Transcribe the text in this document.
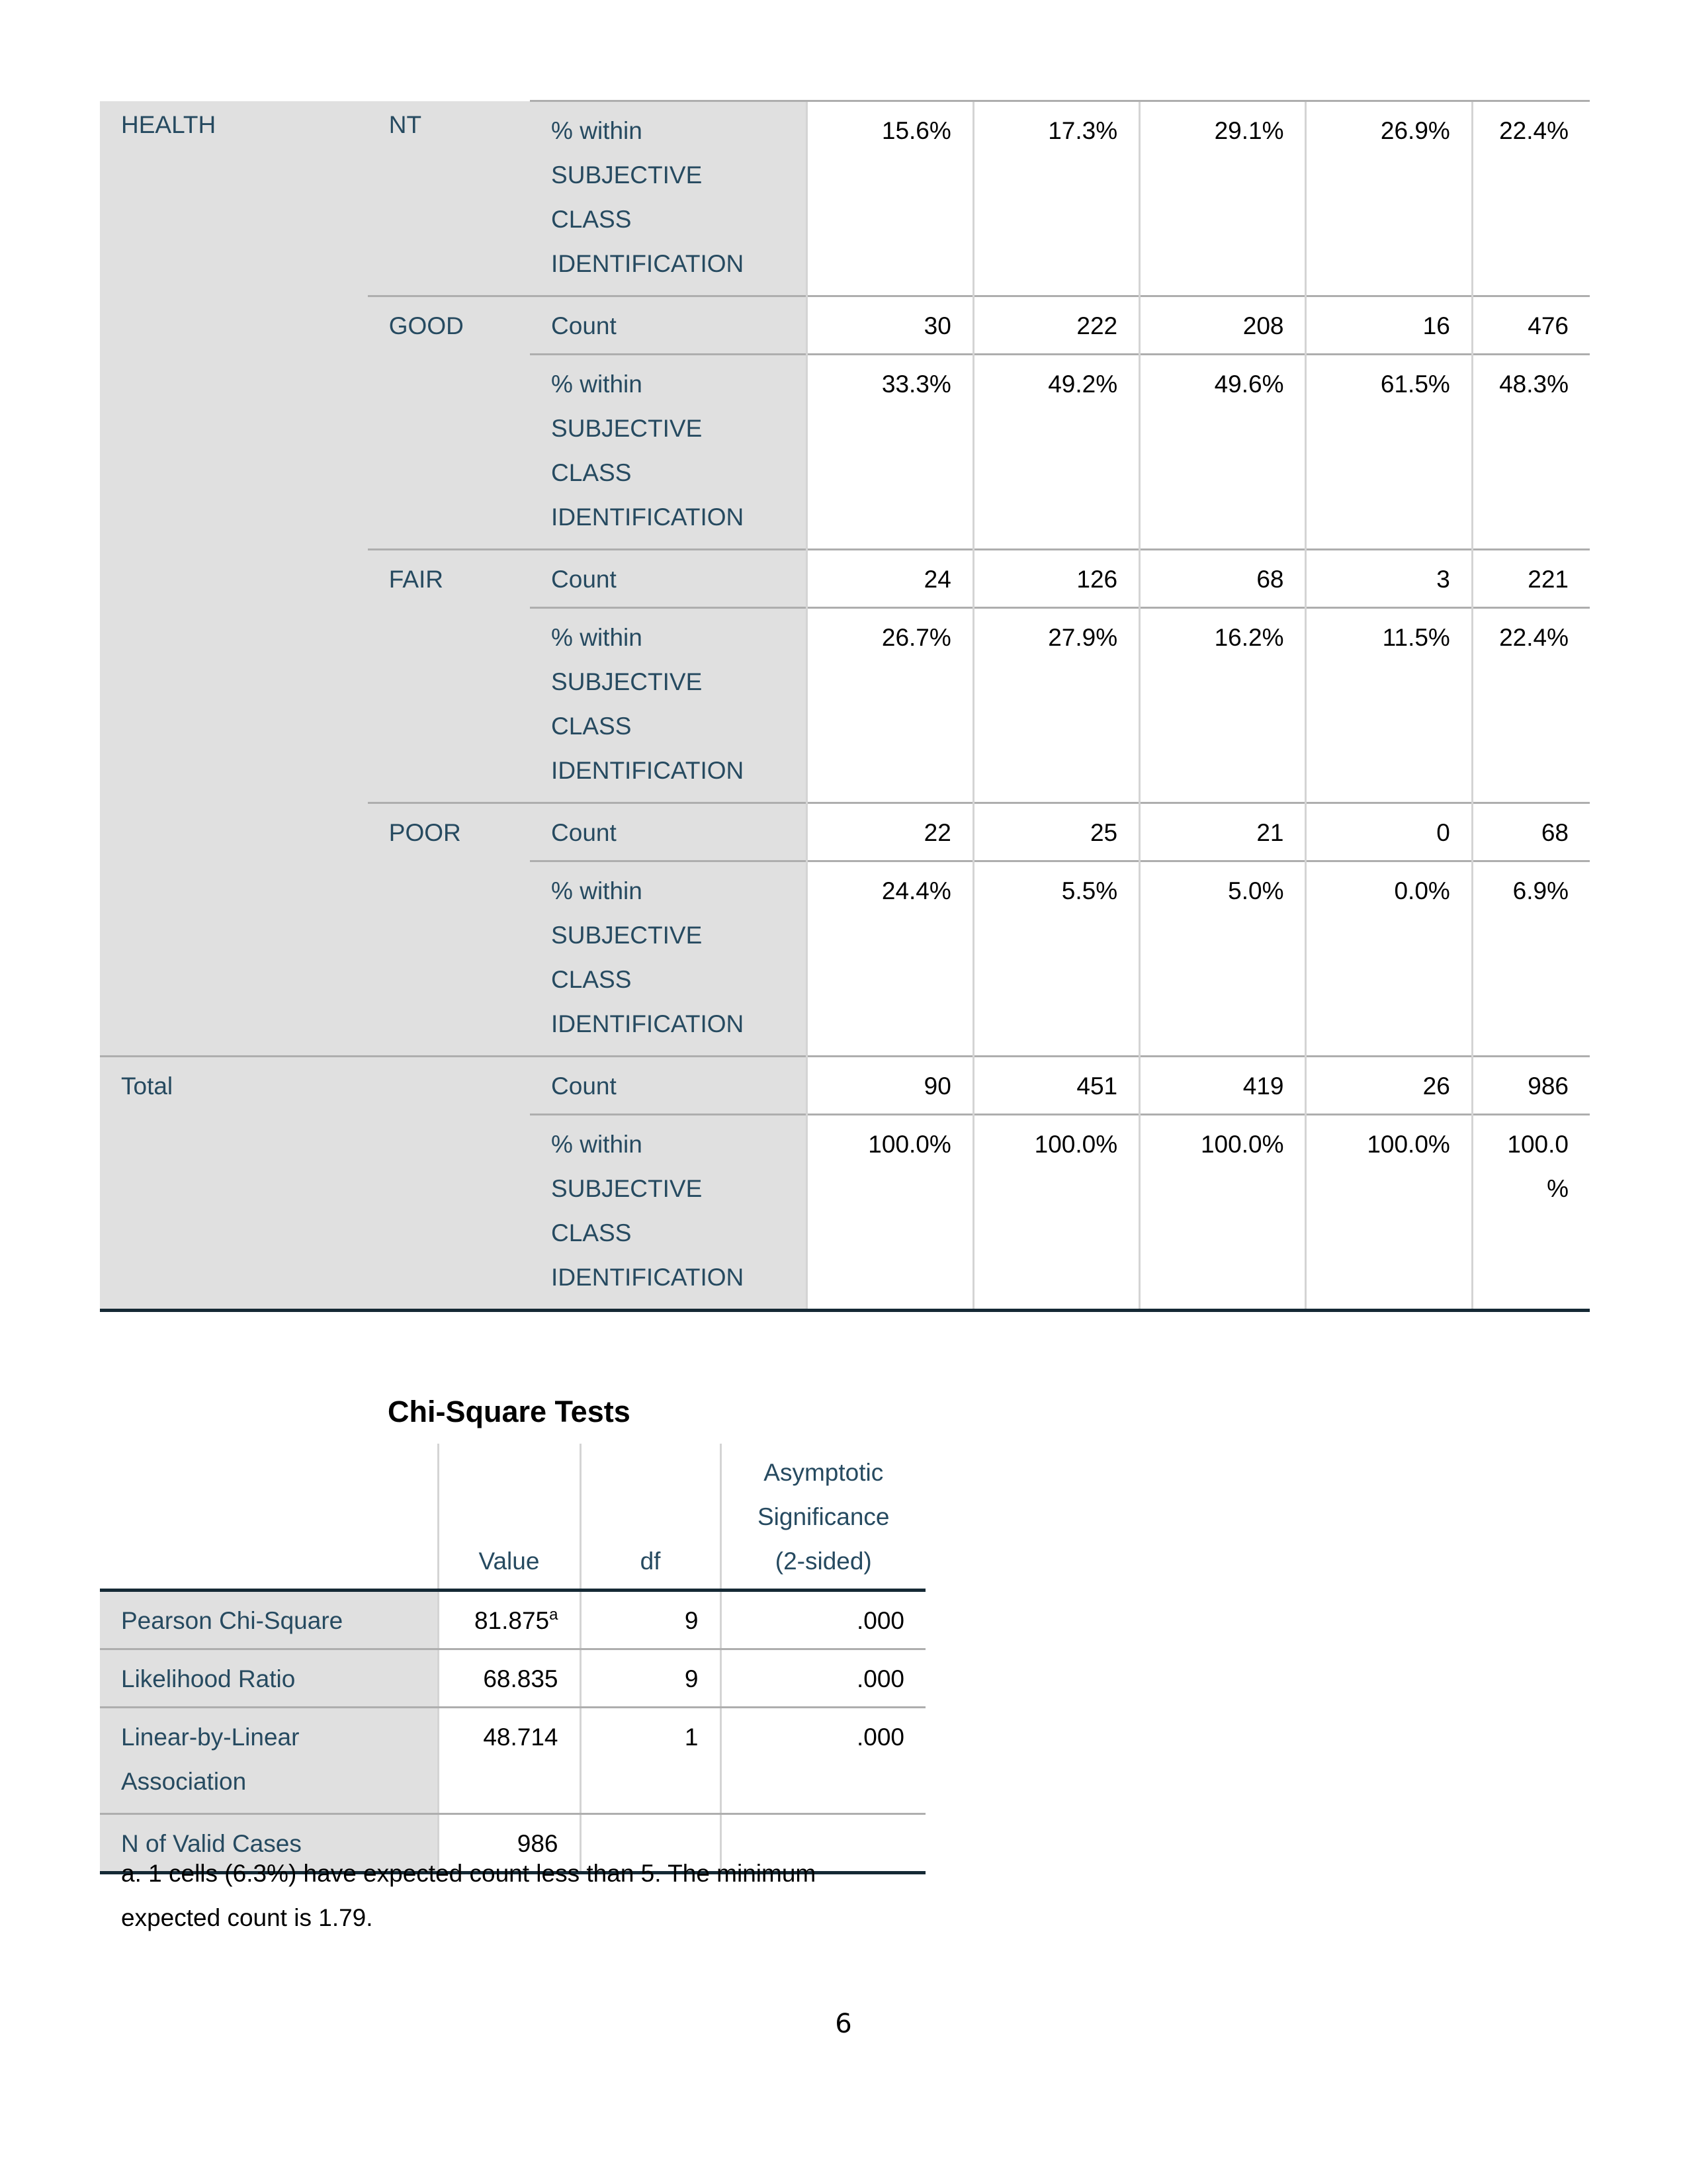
HEALTH	NT	% within SUBJECTIVE CLASS IDENTIFICATION	15.6%	17.3%	29.1%	26.9%	22.4%
	GOOD	Count	30	222	208	16	476
		% within SUBJECTIVE CLASS IDENTIFICATION	33.3%	49.2%	49.6%	61.5%	48.3%
	FAIR	Count	24	126	68	3	221
		% within SUBJECTIVE CLASS IDENTIFICATION	26.7%	27.9%	16.2%	11.5%	22.4%
	POOR	Count	22	25	21	0	68
		% within SUBJECTIVE CLASS IDENTIFICATION	24.4%	5.5%	5.0%	0.0%	6.9%
Total		Count	90	451	419	26	986
		% within SUBJECTIVE CLASS IDENTIFICATION	100.0%	100.0%	100.0%	100.0%	100.0 %
Chi-Square Tests
	Value	df	Asymptotic Significance (2-sided)
Pearson Chi-Square	81.875$^a$	9	.000
Likelihood Ratio	68.835	9	.000
Linear-by-Linear Association	48.714	1	.000
N of Valid Cases	986		
a. 1 cells (6.3%) have expected count less than 5. The minimum expected count is 1.79.
6
